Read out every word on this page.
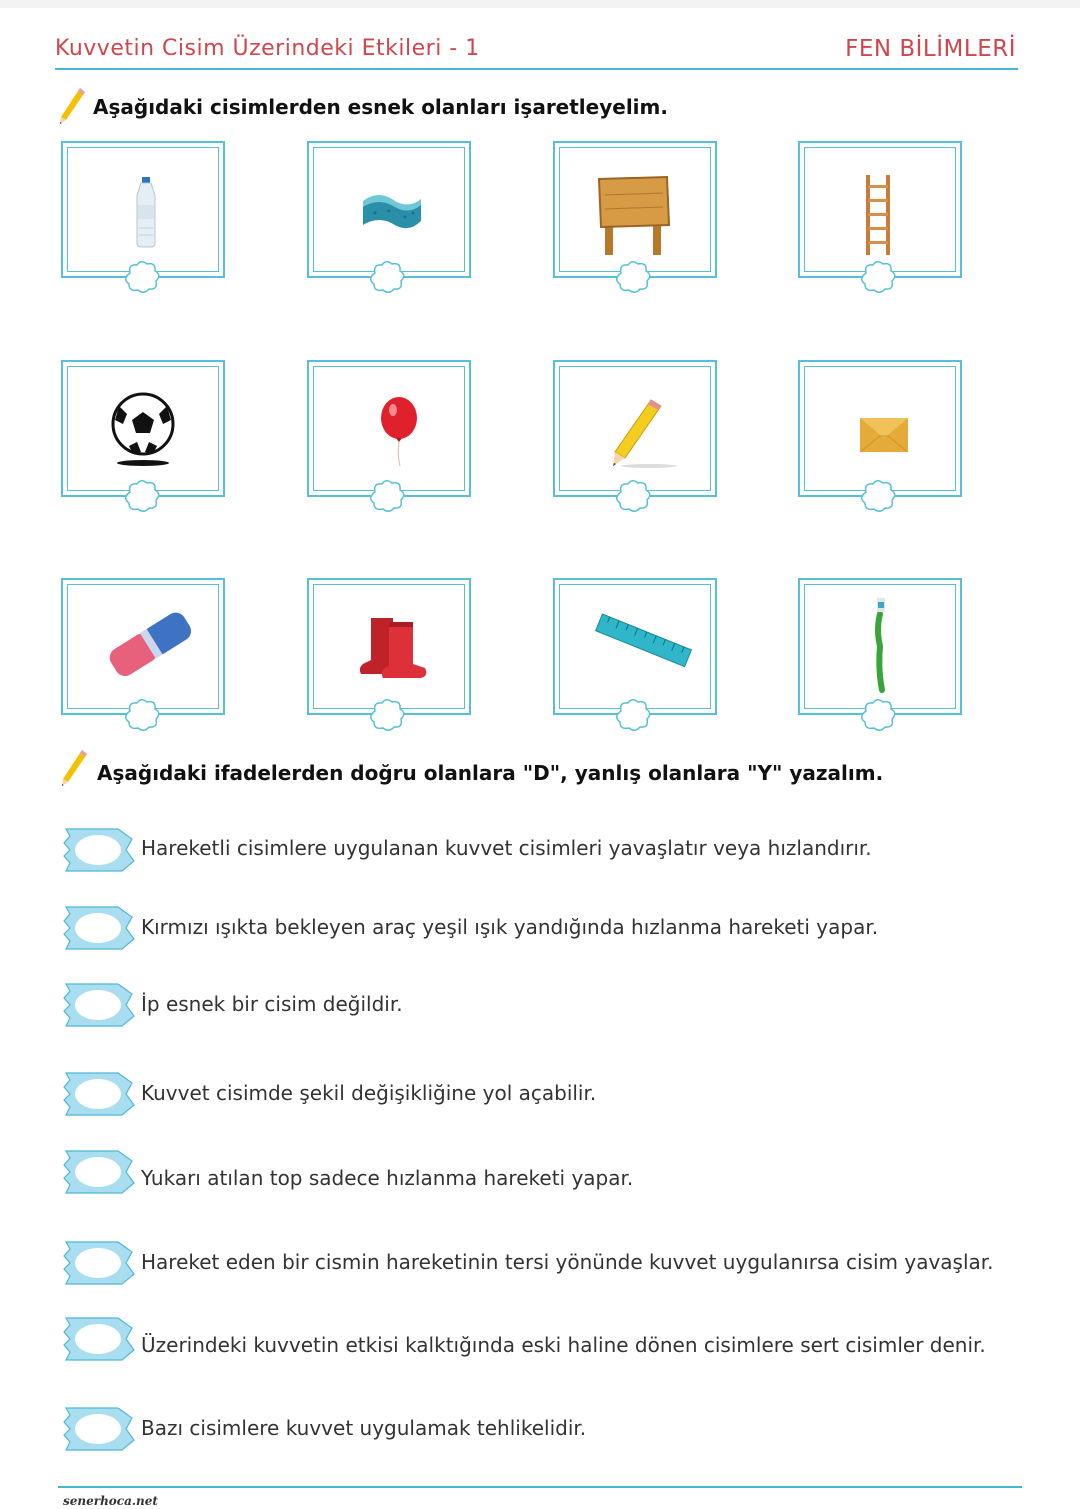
Kuvvetin Cisim Üzerindeki Etkileri - 1	FEN BİLİMLERİ
Aşağıdaki cisimlerden esnek olanları işaretleyelim.
Aşağıdaki ifadelerden doğru olanlara "D", yanlış olanlara "Y" yazalım.
Hareketli cisimlere uygulanan kuvvet cisimleri yavaşlatır veya hızlandırır.
Kırmızı ışıkta bekleyen araç yeşil ışık yandığında hızlanma hareketi yapar.
İp esnek bir cisim değildir.
Kuvvet cisimde şekil değişikliğine yol açabilir.
Yukarı atılan top sadece hızlanma hareketi yapar.
Hareket eden bir cismin hareketinin tersi yönünde kuvvet uygulanırsa cisim yavaşlar.
Üzerindeki kuvvetin etkisi kalktığında eski haline dönen cisimlere sert cisimler denir.
Bazı cisimlere kuvvet uygulamak tehlikelidir.
senerhoca.net
